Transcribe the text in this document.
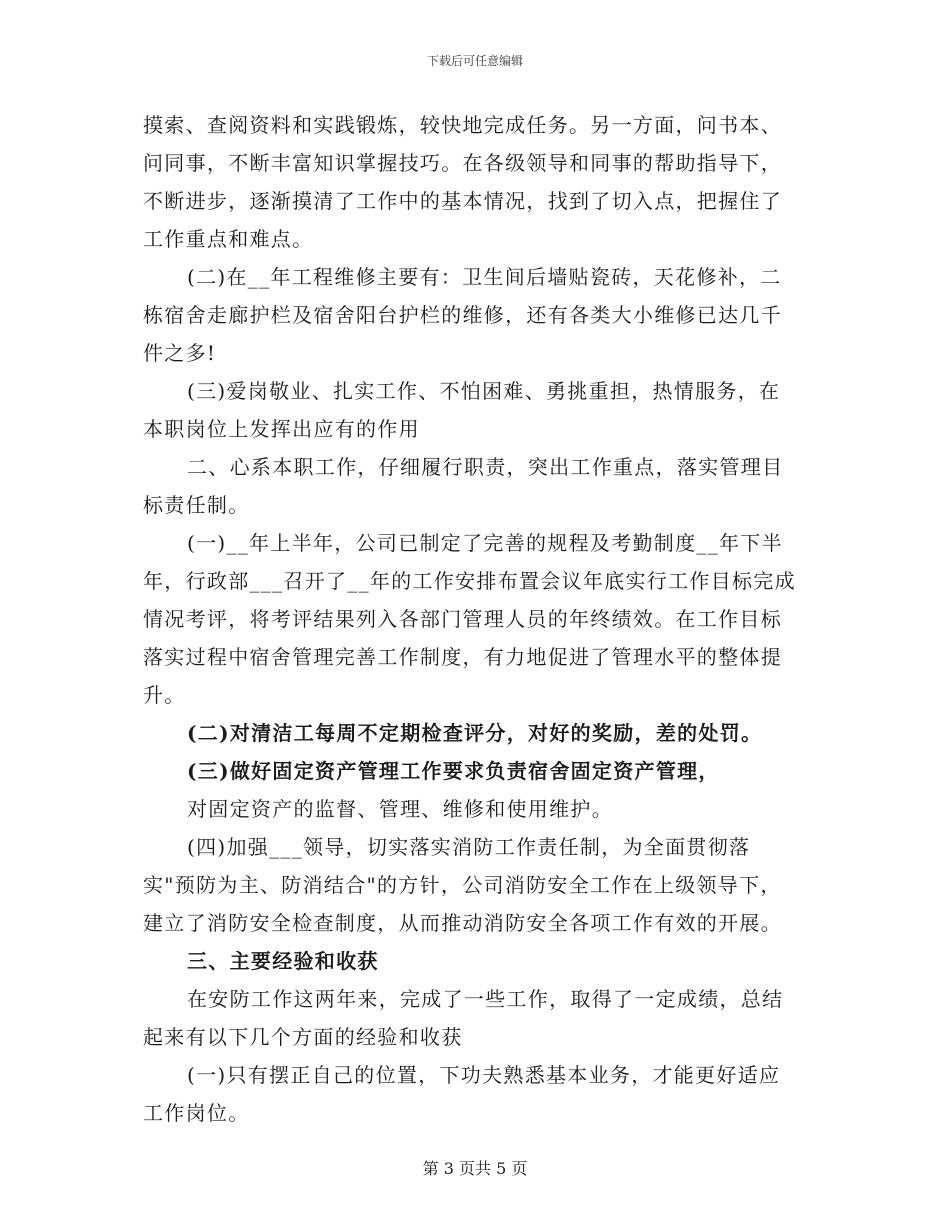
下载后可任意编辑
摸索、查阅资料和实践锻炼，较快地完成任务。另一方面，问书本、
问同事，不断丰富知识掌握技巧。在各级领导和同事的帮助指导下，
不断进步，逐渐摸清了工作中的基本情况，找到了切入点，把握住了
工作重点和难点。
(二)在__年工程维修主要有：卫生间后墙贴瓷砖，天花修补，二
栋宿舍走廊护栏及宿舍阳台护栏的维修，还有各类大小维修已达几千
件之多!
(三)爱岗敬业、扎实工作、不怕困难、勇挑重担，热情服务，在
本职岗位上发挥出应有的作用
二、心系本职工作，仔细履行职责，突出工作重点，落实管理目
标责任制。
(一)__年上半年，公司已制定了完善的规程及考勤制度__年下半
年，行政部___召开了__年的工作安排布置会议年底实行工作目标完成
情况考评，将考评结果列入各部门管理人员的年终绩效。在工作目标
落实过程中宿舍管理完善工作制度，有力地促进了管理水平的整体提
升。
(二)对清洁工每周不定期检查评分，对好的奖励，差的处罚。
(三)做好固定资产管理工作要求负责宿舍固定资产管理，
对固定资产的监督、管理、维修和使用维护。
(四)加强___领导，切实落实消防工作责任制，为全面贯彻落
实"预防为主、防消结合"的方针，公司消防安全工作在上级领导下，
建立了消防安全检查制度，从而推动消防安全各项工作有效的开展。
三、主要经验和收获
在安防工作这两年来，完成了一些工作，取得了一定成绩，总结
起来有以下几个方面的经验和收获
(一)只有摆正自己的位置，下功夫熟悉基本业务，才能更好适应
工作岗位。
第 3 页共 5 页
